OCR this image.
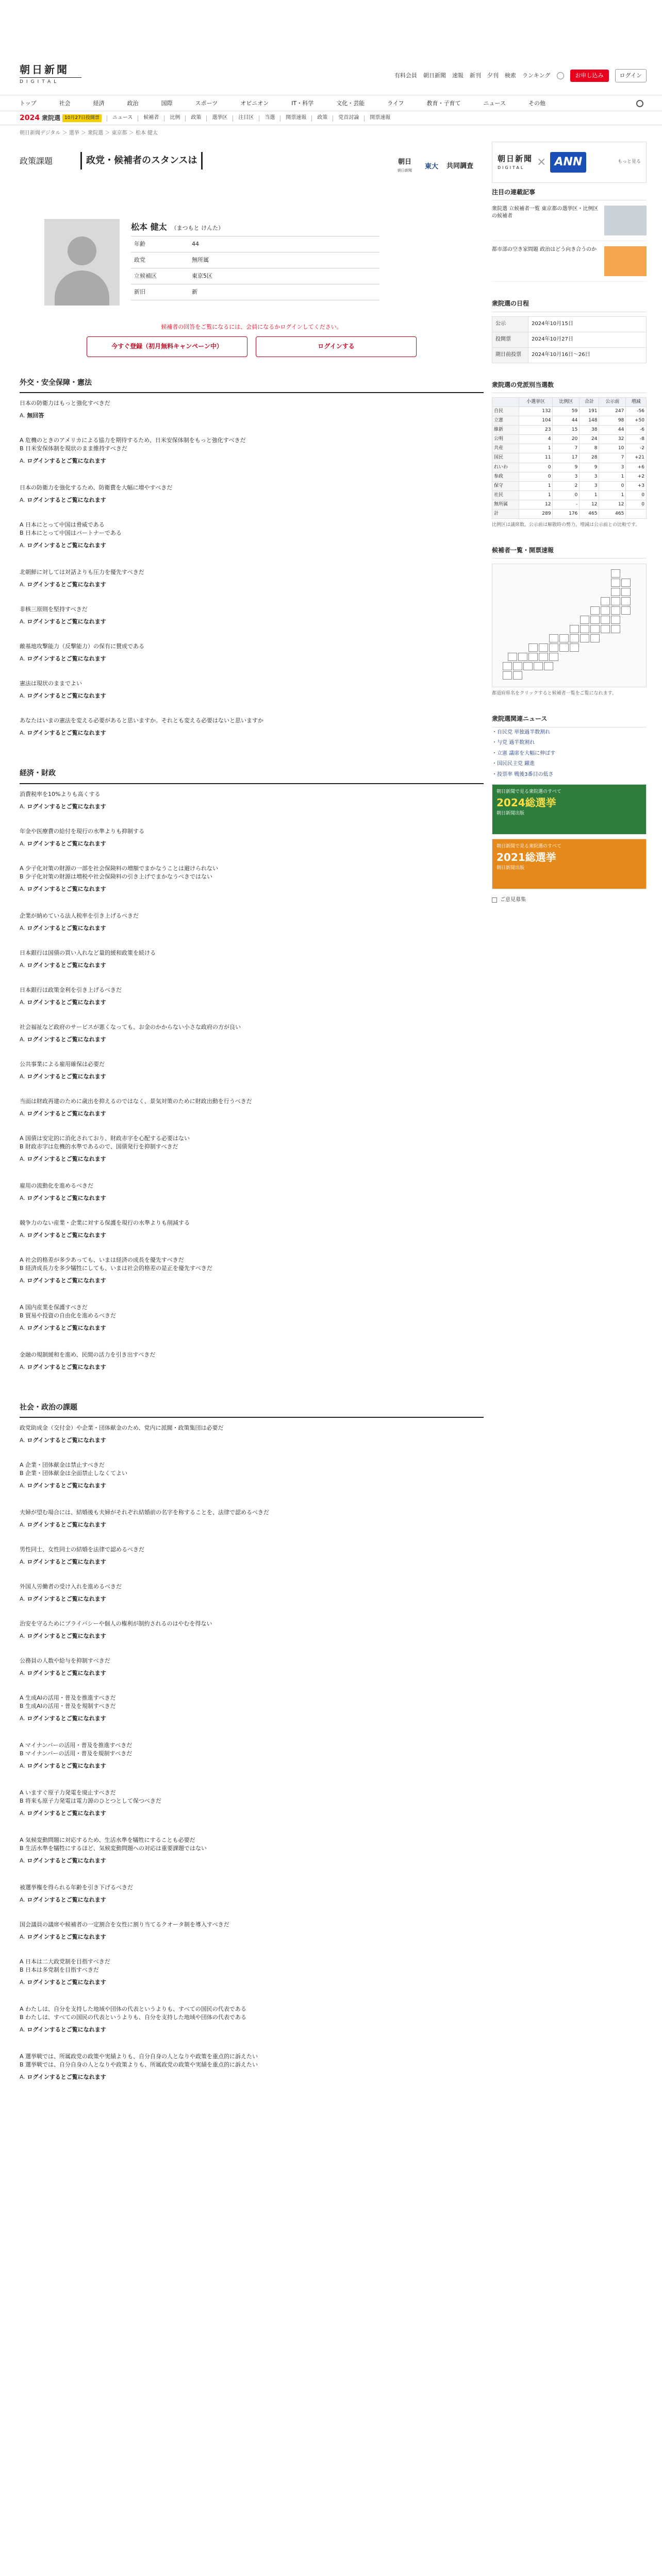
朝日新聞
DIGITAL
有料会員 朝日新聞 速報 新刊 夕刊 検索 ランキング	お申し込み	ログイン
トップ	社会	経済	政治	国際	スポーツ	オピニオン	IT・科学	文化・芸能	ライフ	教育・子育て	ニュース	その他
2024 衆院選 10月27日投開票	ニュース 候補者 比例 政策 選挙区 注目区 当選 開票速報 政策 党首討論 開票速報
朝日新聞デジタル ＞ 選挙 ＞ 衆院選 ＞ 東京都 ＞ 松本 健太
政策課題	政党・候補者のスタンスは	朝日
朝日新聞
東大 共同調査
松本 健太 （まつもと けんた）
年齢	44
政党	無所属
立候補区	東京5区
新旧	新
候補者の回答をご覧になるには、会員になるかログインしてください。
今すぐ登録（初月無料キャンペーン中）	ログインする
外交・安全保障・憲法
日本の防衛力はもっと強化すべきだ
A. 無回答
A 危機のときのアメリカによる協力を期待するため、日米安保体制をもっと強化すべきだ
B 日米安保体制を現状のまま維持すべきだ
A. ログインするとご覧になれます
日本の防衛力を強化するため、防衛費を大幅に増やすべきだ
A. ログインするとご覧になれます
A 日本にとって中国は脅威である
B 日本にとって中国はパートナーである
A. ログインするとご覧になれます
北朝鮮に対しては対話よりも圧力を優先すべきだ
A. ログインするとご覧になれます
非核三原則を堅持すべきだ
A. ログインするとご覧になれます
敵基地攻撃能力（反撃能力）の保有に賛成である
A. ログインするとご覧になれます
憲法は現状のままでよい
A. ログインするとご覧になれます
あなたはいまの憲法を変える必要があると思いますか。それとも変える必要はないと思いますか
A. ログインするとご覧になれます
経済・財政
消費税率を10%よりも高くする
A. ログインするとご覧になれます
年金や医療費の給付を現行の水準よりも抑制する
A. ログインするとご覧になれます
A 少子化対策の財源の一部を社会保険料の増額でまかなうことは避けられない
B 少子化対策の財源は増税や社会保険料の引き上げでまかなうべきではない
A. ログインするとご覧になれます
企業が納めている法人税率を引き上げるべきだ
A. ログインするとご覧になれます
日本銀行は国債の買い入れなど量的緩和政策を続ける
A. ログインするとご覧になれます
日本銀行は政策金利を引き上げるべきだ
A. ログインするとご覧になれます
社会福祉など政府のサービスが悪くなっても、お金のかからない小さな政府の方が良い
A. ログインするとご覧になれます
公共事業による雇用確保は必要だ
A. ログインするとご覧になれます
当面は財政再建のために歳出を抑えるのではなく、景気対策のために財政出動を行うべきだ
A. ログインするとご覧になれます
A 国債は安定的に消化されており、財政赤字を心配する必要はない
B 財政赤字は危機的水準であるので、国債発行を抑制すべきだ
A. ログインするとご覧になれます
雇用の流動化を進めるべきだ
A. ログインするとご覧になれます
競争力のない産業・企業に対する保護を現行の水準よりも削減する
A. ログインするとご覧になれます
A 社会的格差が多少あっても、いまは経済の成長を優先すべきだ
B 経済成長力を多少犠牲にしても、いまは社会的格差の是正を優先すべきだ
A. ログインするとご覧になれます
A 国内産業を保護すべきだ
B 貿易や投資の自由化を進めるべきだ
A. ログインするとご覧になれます
金融の規制緩和を進め、民間の活力を引き出すべきだ
A. ログインするとご覧になれます
社会・政治の課題
政党助成金（交付金）や企業・団体献金のため、党内に派閥・政策集団は必要だ
A. ログインするとご覧になれます
A 企業・団体献金は禁止すべきだ
B 企業・団体献金は全面禁止しなくてよい
A. ログインするとご覧になれます
夫婦が望む場合には、結婚後も夫婦がそれぞれ結婚前の名字を称することを、法律で認めるべきだ
A. ログインするとご覧になれます
男性同士、女性同士の結婚を法律で認めるべきだ
A. ログインするとご覧になれます
外国人労働者の受け入れを進めるべきだ
A. ログインするとご覧になれます
治安を守るためにプライバシーや個人の権利が制約されるのはやむを得ない
A. ログインするとご覧になれます
公務員の人数や給与を抑制すべきだ
A. ログインするとご覧になれます
A 生成AIの活用・普及を推進すべきだ
B 生成AIの活用・普及を規制すべきだ
A. ログインするとご覧になれます
A マイナンバーの活用・普及を推進すべきだ
B マイナンバーの活用・普及を規制すべきだ
A. ログインするとご覧になれます
A いますぐ原子力発電を廃止すべきだ
B 将来も原子力発電は電力源のひとつとして保つべきだ
A. ログインするとご覧になれます
A 気候変動問題に対応するため、生活水準を犠牲にすることも必要だ
B 生活水準を犠牲にするほど、気候変動問題への対応は重要課題ではない
A. ログインするとご覧になれます
被選挙権を得られる年齢を引き下げるべきだ
A. ログインするとご覧になれます
国会議員の議席や候補者の一定割合を女性に割り当てるクオータ制を導入すべきだ
A. ログインするとご覧になれます
A 日本は二大政党制を目指すべきだ
B 日本は多党制を目指すべきだ
A. ログインするとご覧になれます
A わたしは、自分を支持した地域や団体の代表というよりも、すべての国民の代表である
B わたしは、すべての国民の代表というよりも、自分を支持した地域や団体の代表である
A. ログインするとご覧になれます
A 選挙戦では、所属政党の政策や実績よりも、自分自身の人となりや政策を重点的に訴えたい
B 選挙戦では、自分自身の人となりや政策よりも、所属政党の政策や実績を重点的に訴えたい
A. ログインするとご覧になれます
朝日新聞
DIGITAL	× ANN	もっと見る
注目の連載記事
衆院選 立候補者一覧 東京都の選挙区・比例区の候補者
都市部の空き家問題 政治はどう向き合うのか
衆院選の日程
公示	2024年10月15日
投開票	2024年10月27日
期日前投票	2024年10月16日〜26日
衆院選の党派別当選数
	小選挙区	比例区	合計	公示前	増減
自民	132	59	191	247	-56
立憲	104	44	148	98	+50
維新	23	15	38	44	-6
公明	4	20	24	32	-8
共産	1	7	8	10	-2
国民	11	17	28	7	+21
れいわ	0	9	9	3	+6
参政	0	3	3	1	+2
保守	1	2	3	0	+3
社民	1	0	1	1	0
無所属	12	-	12	12	0
計	289	176	465	465	
比例区は議席数。公示前は解散時の勢力。増減は公示前との比較です。
候補者一覧・開票速報
都道府県名をクリックすると候補者一覧をご覧になれます。
衆院選関連ニュース
・ 自民党 単独過半数割れ
・ 与党 過半数割れ
・ 立憲 議席を大幅に伸ばす
・ 国民民主党 躍進
・ 投票率 戦後3番目の低さ
朝日新聞で見る衆院選のすべて
2024総選挙
朝日新聞出版
朝日新聞で見る衆院選のすべて
2021総選挙
朝日新聞出版
ご意見募集
